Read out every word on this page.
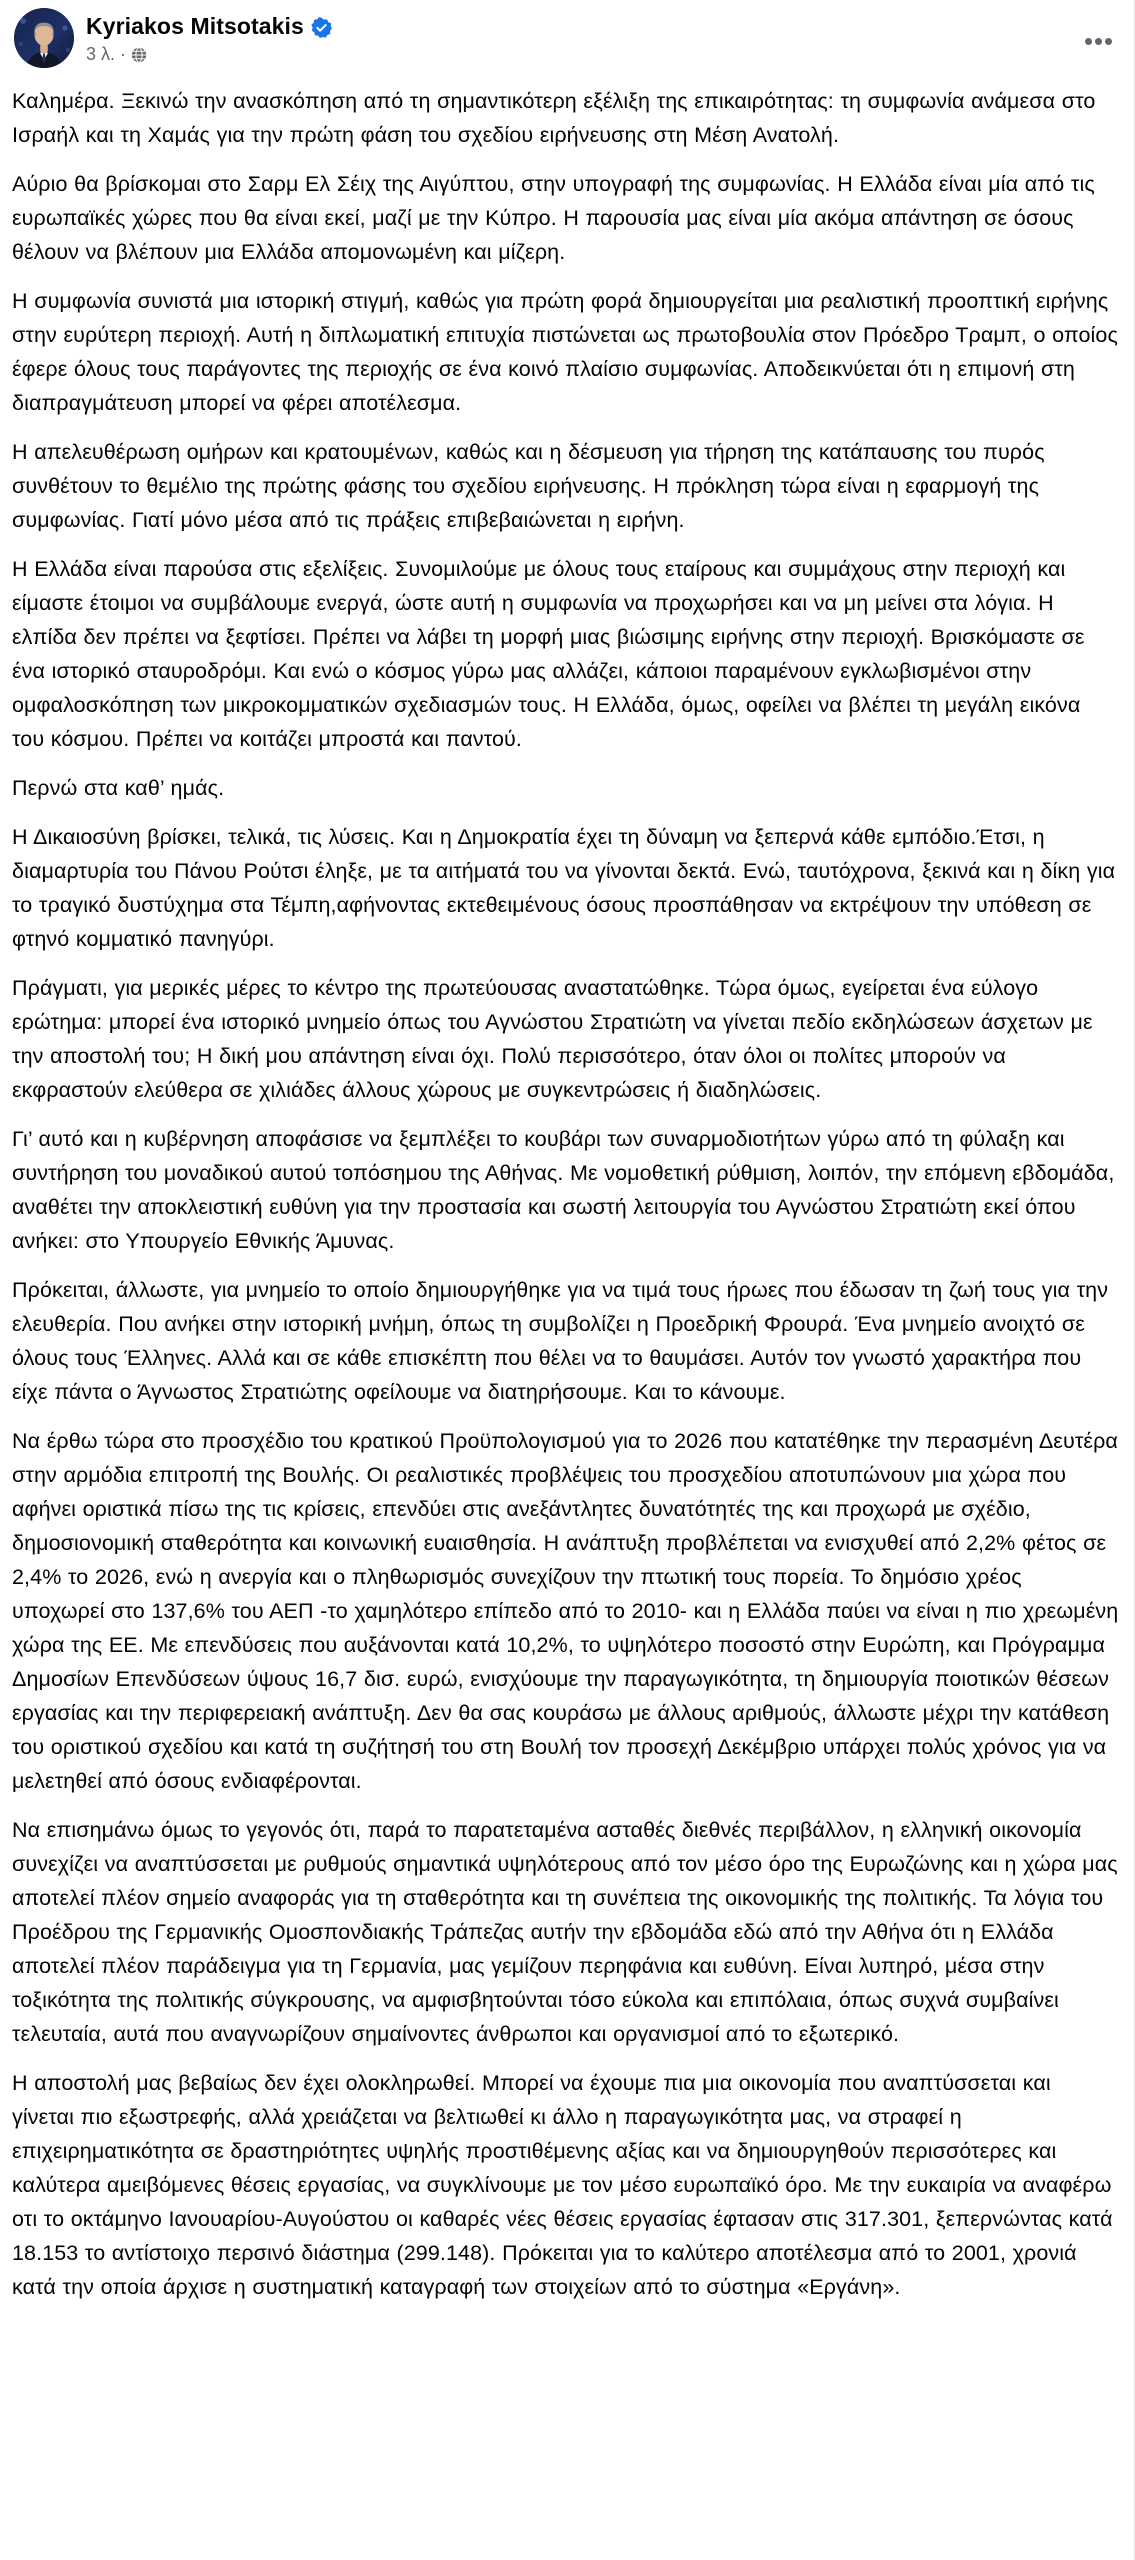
Kyriakos Mitsotakis
3 λ. ·

Καλημέρα. Ξεκινώ την ανασκόπηση από τη σημαντικότερη εξέλιξη της επικαιρότητας: τη συμφωνία ανάμεσα στο Ισραήλ και τη Χαμάς για την πρώτη φάση του σχεδίου ειρήνευσης στη Μέση Ανατολή.

Αύριο θα βρίσκομαι στο Σαρμ Ελ Σέιχ της Αιγύπτου, στην υπογραφή της συμφωνίας. Η Ελλάδα είναι μία από τις ευρωπαϊκές χώρες που θα είναι εκεί, μαζί με την Κύπρο. Η παρουσία μας είναι μία ακόμα απάντηση σε όσους θέλουν να βλέπουν μια Ελλάδα απομονωμένη και μίζερη.

Η συμφωνία συνιστά μια ιστορική στιγμή, καθώς για πρώτη φορά δημιουργείται μια ρεαλιστική προοπτική ειρήνης στην ευρύτερη περιοχή. Αυτή η διπλωματική επιτυχία πιστώνεται ως πρωτοβουλία στον Πρόεδρο Τραμπ, ο οποίος έφερε όλους τους παράγοντες της περιοχής σε ένα κοινό πλαίσιο συμφωνίας. Αποδεικνύεται ότι η επιμονή στη διαπραγμάτευση μπορεί να φέρει αποτέλεσμα.

Η απελευθέρωση ομήρων και κρατουμένων, καθώς και η δέσμευση για τήρηση της κατάπαυσης του πυρός συνθέτουν το θεμέλιο της πρώτης φάσης του σχεδίου ειρήνευσης. Η πρόκληση τώρα είναι η εφαρμογή της συμφωνίας. Γιατί μόνο μέσα από τις πράξεις επιβεβαιώνεται η ειρήνη.

Η Ελλάδα είναι παρούσα στις εξελίξεις. Συνομιλούμε με όλους τους εταίρους και συμμάχους στην περιοχή και είμαστε έτοιμοι να συμβάλουμε ενεργά, ώστε αυτή η συμφωνία να προχωρήσει και να μη μείνει στα λόγια. Η ελπίδα δεν πρέπει να ξεφτίσει. Πρέπει να λάβει τη μορφή μιας βιώσιμης ειρήνης στην περιοχή. Βρισκόμαστε σε ένα ιστορικό σταυροδρόμι. Και ενώ ο κόσμος γύρω μας αλλάζει, κάποιοι παραμένουν εγκλωβισμένοι στην ομφαλοσκόπηση των μικροκομματικών σχεδιασμών τους. Η Ελλάδα, όμως, οφείλει να βλέπει τη μεγάλη εικόνα του κόσμου. Πρέπει να κοιτάζει μπροστά και παντού.

Περνώ στα καθ’ ημάς.

Η Δικαιοσύνη βρίσκει, τελικά, τις λύσεις. Και η Δημοκρατία έχει τη δύναμη να ξεπερνά κάθε εμπόδιο.Έτσι, η διαμαρτυρία του Πάνου Ρούτσι έληξε, με τα αιτήματά του να γίνονται δεκτά. Ενώ, ταυτόχρονα, ξεκινά και η δίκη για το τραγικό δυστύχημα στα Τέμπη,αφήνοντας εκτεθειμένους όσους προσπάθησαν να εκτρέψουν την υπόθεση σε φτηνό κομματικό πανηγύρι.

Πράγματι, για μερικές μέρες το κέντρο της πρωτεύουσας αναστατώθηκε. Τώρα όμως, εγείρεται ένα εύλογο ερώτημα: μπορεί ένα ιστορικό μνημείο όπως του Αγνώστου Στρατιώτη να γίνεται πεδίο εκδηλώσεων άσχετων με την αποστολή του; Η δική μου απάντηση είναι όχι. Πολύ περισσότερο, όταν όλοι οι πολίτες μπορούν να εκφραστούν ελεύθερα σε χιλιάδες άλλους χώρους με συγκεντρώσεις ή διαδηλώσεις.

Γι’ αυτό και η κυβέρνηση αποφάσισε να ξεμπλέξει το κουβάρι των συναρμοδιοτήτων γύρω από τη φύλαξη και συντήρηση του μοναδικού αυτού τοπόσημου της Αθήνας. Με νομοθετική ρύθμιση, λοιπόν, την επόμενη εβδομάδα, αναθέτει την αποκλειστική ευθύνη για την προστασία και σωστή λειτουργία του Αγνώστου Στρατιώτη εκεί όπου ανήκει: στο Υπουργείο Εθνικής Άμυνας.

Πρόκειται, άλλωστε, για μνημείο το οποίο δημιουργήθηκε για να τιμά τους ήρωες που έδωσαν τη ζωή τους για την ελευθερία. Που ανήκει στην ιστορική μνήμη, όπως τη συμβολίζει η Προεδρική Φρουρά. Ένα μνημείο ανοιχτό σε όλους τους Έλληνες. Αλλά και σε κάθε επισκέπτη που θέλει να το θαυμάσει. Αυτόν τον γνωστό χαρακτήρα που είχε πάντα ο Άγνωστος Στρατιώτης οφείλουμε να διατηρήσουμε. Και το κάνουμε.

Να έρθω τώρα στο προσχέδιο του κρατικού Προϋπολογισμού για το 2026 που κατατέθηκε την περασμένη Δευτέρα στην αρμόδια επιτροπή της Βουλής. Οι ρεαλιστικές προβλέψεις του προσχεδίου αποτυπώνουν μια χώρα που αφήνει οριστικά πίσω της τις κρίσεις, επενδύει στις ανεξάντλητες δυνατότητές της και προχωρά με σχέδιο, δημοσιονομική σταθερότητα και κοινωνική ευαισθησία. Η ανάπτυξη προβλέπεται να ενισχυθεί από 2,2% φέτος σε 2,4% το 2026, ενώ η ανεργία και ο πληθωρισμός συνεχίζουν την πτωτική τους πορεία. Το δημόσιο χρέος υποχωρεί στο 137,6% του ΑΕΠ -το χαμηλότερο επίπεδο από το 2010- και η Ελλάδα παύει να είναι η πιο χρεωμένη χώρα της ΕΕ. Με επενδύσεις που αυξάνονται κατά 10,2%, το υψηλότερο ποσοστό στην Ευρώπη, και Πρόγραμμα Δημοσίων Επενδύσεων ύψους 16,7 δισ. ευρώ, ενισχύουμε την παραγωγικότητα, τη δημιουργία ποιοτικών θέσεων εργασίας και την περιφερειακή ανάπτυξη. Δεν θα σας κουράσω με άλλους αριθμούς, άλλωστε μέχρι την κατάθεση του οριστικού σχεδίου και κατά τη συζήτησή του στη Βουλή τον προσεχή Δεκέμβριο υπάρχει πολύς χρόνος για να μελετηθεί από όσους ενδιαφέρονται.

Να επισημάνω όμως το γεγονός ότι, παρά το παρατεταμένα ασταθές διεθνές περιβάλλον, η ελληνική οικονομία συνεχίζει να αναπτύσσεται με ρυθμούς σημαντικά υψηλότερους από τον μέσο όρο της Ευρωζώνης και η χώρα μας αποτελεί πλέον σημείο αναφοράς για τη σταθερότητα και τη συνέπεια της οικονομικής της πολιτικής. Τα λόγια του Προέδρου της Γερμανικής Ομοσπονδιακής Τράπεζας αυτήν την εβδομάδα εδώ από την Αθήνα ότι η Ελλάδα αποτελεί πλέον παράδειγμα για τη Γερμανία, μας γεμίζουν περηφάνια και ευθύνη. Είναι λυπηρό, μέσα στην τοξικότητα της πολιτικής σύγκρουσης, να αμφισβητούνται τόσο εύκολα και επιπόλαια, όπως συχνά συμβαίνει τελευταία, αυτά που αναγνωρίζουν σημαίνοντες άνθρωποι και οργανισμοί από το εξωτερικό.

Η αποστολή μας βεβαίως δεν έχει ολοκληρωθεί. Μπορεί να έχουμε πια μια οικονομία που αναπτύσσεται και γίνεται πιο εξωστρεφής, αλλά χρειάζεται να βελτιωθεί κι άλλο η παραγωγικότητα μας, να στραφεί η επιχειρηματικότητα σε δραστηριότητες υψηλής προστιθέμενης αξίας και να δημιουργηθούν περισσότερες και καλύτερα αμειβόμενες θέσεις εργασίας, να συγκλίνουμε με τον μέσο ευρωπαϊκό όρο. Με την ευκαιρία να αναφέρω οτι το οκτάμηνο Ιανουαρίου-Αυγούστου οι καθαρές νέες θέσεις εργασίας έφτασαν στις 317.301, ξεπερνώντας κατά 18.153 το αντίστοιχο περσινό διάστημα (299.148). Πρόκειται για το καλύτερο αποτέλεσμα από το 2001, χρονιά κατά την οποία άρχισε η συστηματική καταγραφή των στοιχείων από το σύστημα «Εργάνη».
